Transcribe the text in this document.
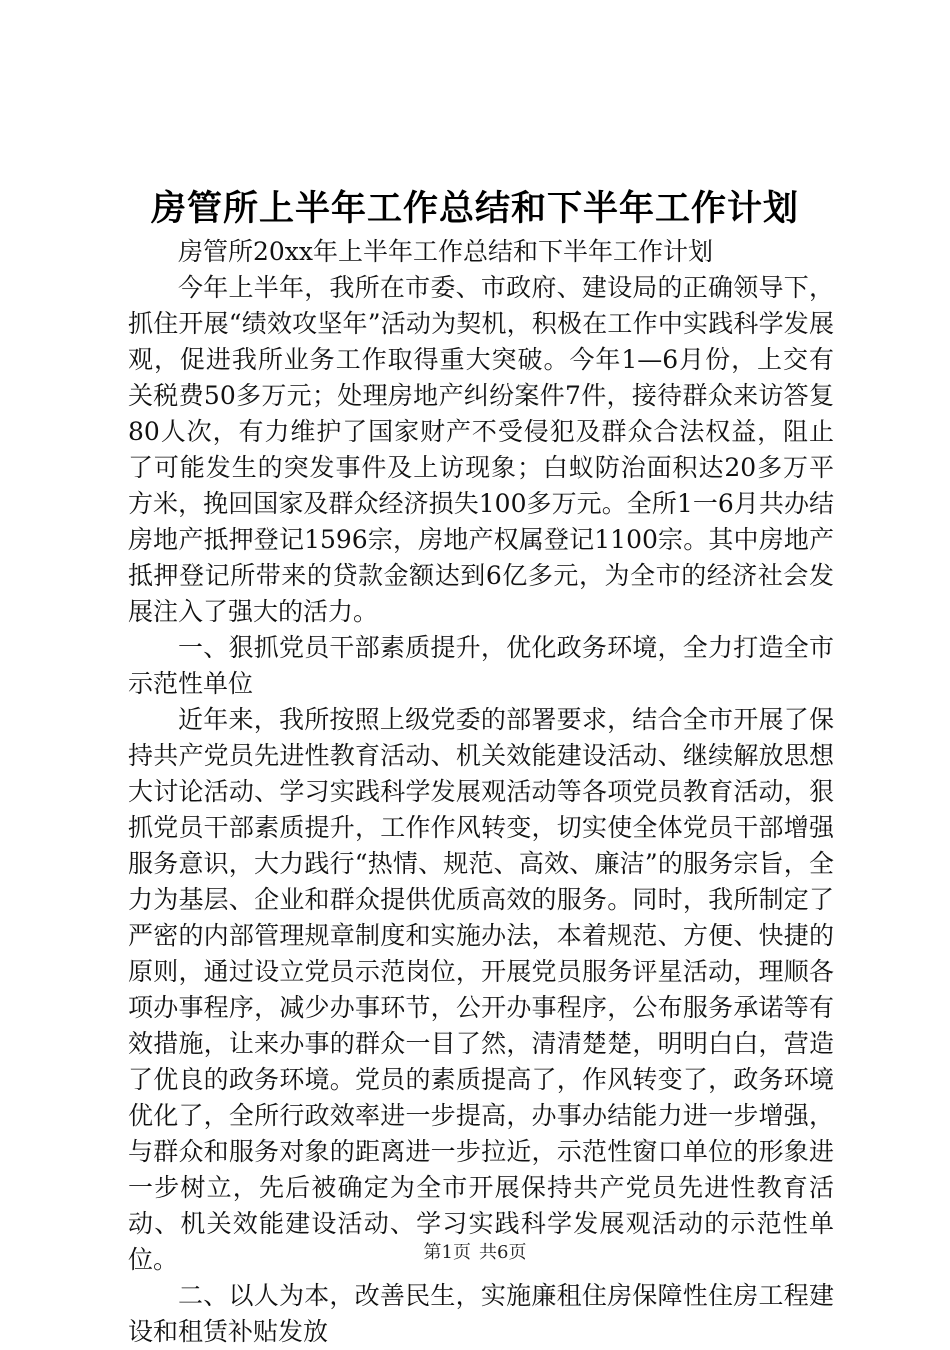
房管所上半年工作总结和下半年工作计划

房管所20xx年上半年工作总结和下半年工作计划

今年上半年，我所在市委、市政府、建设局的正确领导下，抓住开展“绩效攻坚年”活动为契机，积极在工作中实践科学发展观，促进我所业务工作取得重大突破。今年1—6月份，上交有关税费50多万元；处理房地产纠纷案件7件，接待群众来访答复80人次，有力维护了国家财产不受侵犯及群众合法权益，阻止了可能发生的突发事件及上访现象；白蚁防治面积达20多万平方米，挽回国家及群众经济损失100多万元。全所1一6月共办结房地产抵押登记1596宗，房地产权属登记1100宗。其中房地产抵押登记所带来的贷款金额达到6亿多元，为全市的经济社会发展注入了强大的活力。

一、狠抓党员干部素质提升，优化政务环境，全力打造全市示范性单位

近年来，我所按照上级党委的部署要求，结合全市开展了保持共产党员先进性教育活动、机关效能建设活动、继续解放思想大讨论活动、学习实践科学发展观活动等各项党员教育活动，狠抓党员干部素质提升，工作作风转变，切实使全体党员干部增强服务意识，大力践行“热情、规范、高效、廉洁”的服务宗旨，全力为基层、企业和群众提供优质高效的服务。同时，我所制定了严密的内部管理规章制度和实施办法，本着规范、方便、快捷的原则，通过设立党员示范岗位，开展党员服务评星活动，理顺各项办事程序，减少办事环节，公开办事程序，公布服务承诺等有效措施，让来办事的群众一目了然，清清楚楚，明明白白，营造了优良的政务环境。党员的素质提高了，作风转变了，政务环境优化了，全所行政效率进一步提高，办事办结能力进一步增强，与群众和服务对象的距离进一步拉近，示范性窗口单位的形象进一步树立，先后被确定为全市开展保持共产党员先进性教育活动、机关效能建设活动、学习实践科学发展观活动的示范性单位。

二、以人为本，改善民生，实施廉租住房保障性住房工程建设和租赁补贴发放

第1页 共6页
